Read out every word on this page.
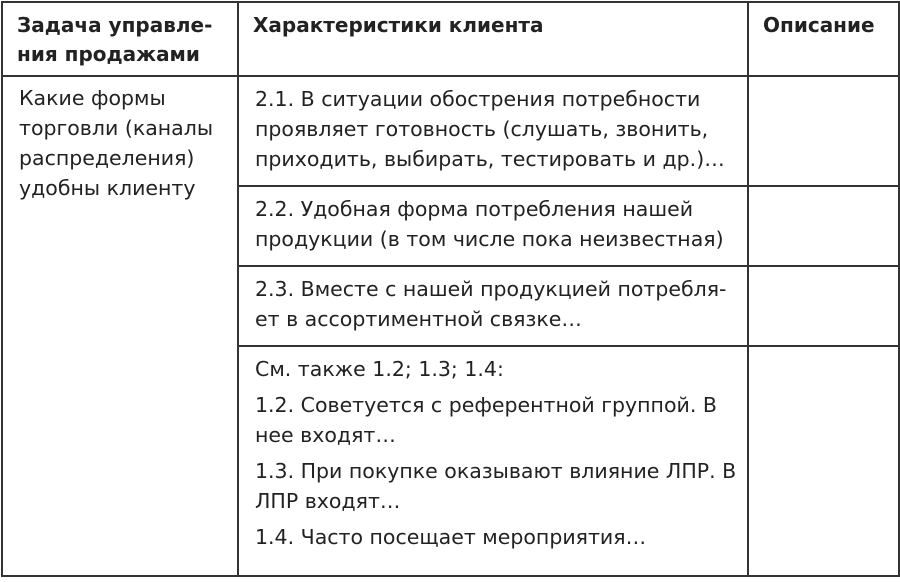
Задача управле-
ния продажами	Характеристики клиента	Описание
Какие формы торговли (каналы распределения) удобны клиенту	2.1. В ситуации обострения потребности проявляет готовность (слушать, звонить, приходить, выбирать, тестировать и др.)…	

	2.2. Удобная форма потребления нашей продукции (в том числе пока неизвестная)	

	2.3. Вместе с нашей продукцией потребля-ет в ассортиментной связке…	

	См. также 1.2; 1.3; 1.4:

1.2. Советуется с референтной группой. В нее входят…

1.3. При покупке оказывают влияние ЛПР. В ЛПР входят…

1.4. Часто посещает мероприятия…	
